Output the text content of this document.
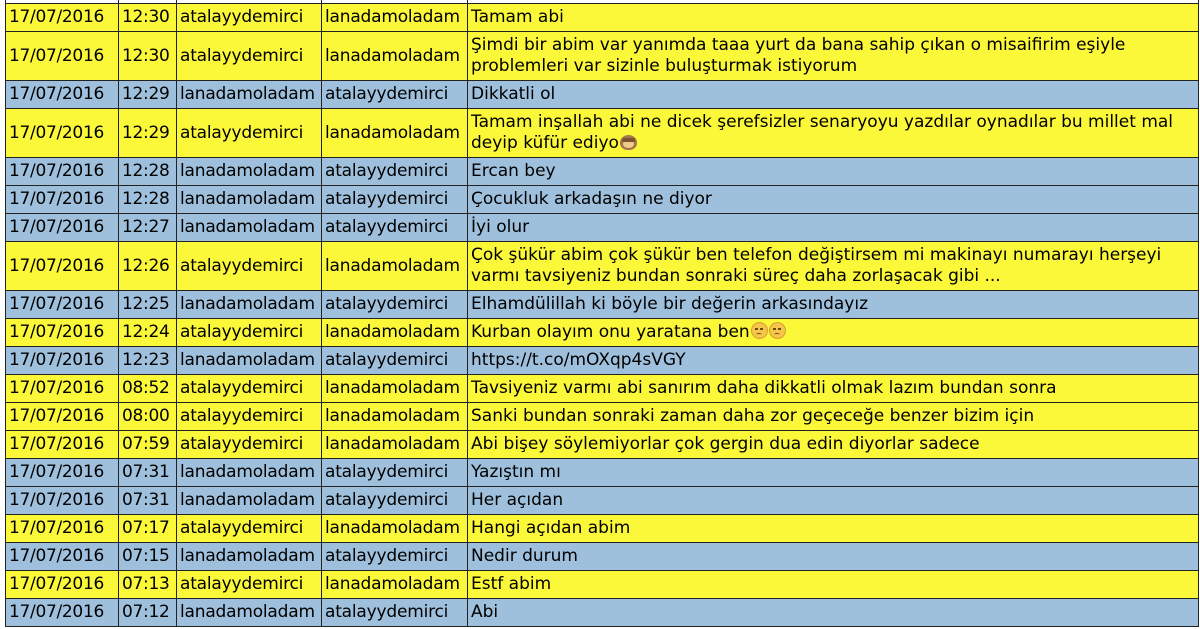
17/07/2016	12:30	atalayydemirci	lanadamoladam	Tamam abi
17/07/2016	12:30	atalayydemirci	lanadamoladam	Şimdi bir abim var yanımda taaa yurt da bana sahip çıkan o misaifirim eşiyle problemleri var sizinle buluşturmak istiyorum
17/07/2016	12:29	lanadamoladam	atalayydemirci	Dikkatli ol
17/07/2016	12:29	atalayydemirci	lanadamoladam	Tamam inşallah abi ne dicek şerefsizler senaryoyu yazdılar oynadılar bu millet mal deyip küfür ediyo
17/07/2016	12:28	lanadamoladam	atalayydemirci	Ercan bey
17/07/2016	12:28	lanadamoladam	atalayydemirci	Çocukluk arkadaşın ne diyor
17/07/2016	12:27	lanadamoladam	atalayydemirci	İyi olur
17/07/2016	12:26	atalayydemirci	lanadamoladam	Çok şükür abim çok şükür ben telefon değiştirsem mi makinayı numarayı herşeyi varmı tavsiyeniz bundan sonraki süreç daha zorlaşacak gibi ...
17/07/2016	12:25	lanadamoladam	atalayydemirci	Elhamdülillah ki böyle bir değerin arkasındayız
17/07/2016	12:24	atalayydemirci	lanadamoladam	Kurban olayım onu yaratana ben
17/07/2016	12:23	lanadamoladam	atalayydemirci	https://t.co/mOXqp4sVGY
17/07/2016	08:52	atalayydemirci	lanadamoladam	Tavsiyeniz varmı abi sanırım daha dikkatli olmak lazım bundan sonra
17/07/2016	08:00	atalayydemirci	lanadamoladam	Sanki bundan sonraki zaman daha zor geçeceğe benzer bizim için
17/07/2016	07:59	atalayydemirci	lanadamoladam	Abi bişey söylemiyorlar çok gergin dua edin diyorlar sadece
17/07/2016	07:31	lanadamoladam	atalayydemirci	Yazıştın mı
17/07/2016	07:31	lanadamoladam	atalayydemirci	Her açıdan
17/07/2016	07:17	atalayydemirci	lanadamoladam	Hangi açıdan abim
17/07/2016	07:15	lanadamoladam	atalayydemirci	Nedir durum
17/07/2016	07:13	atalayydemirci	lanadamoladam	Estf abim
17/07/2016	07:12	lanadamoladam	atalayydemirci	Abi
